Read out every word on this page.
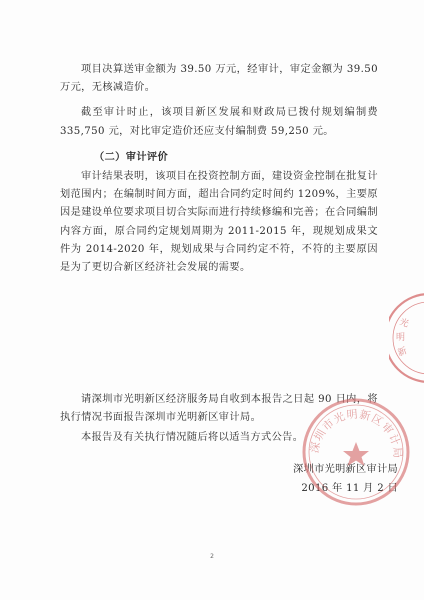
项目决算送审金额为 39.50 万元，经审计，审定金额为 39.50 万元，无核减造价。

截至审计时止，该项目新区发展和财政局已拨付规划编制费 335,750 元，对比审定造价还应支付编制费 59,250 元。

（二）审计评价

审计结果表明，该项目在投资控制方面，建设资金控制在批复计划范围内；在编制时间方面，超出合同约定时间约 1209%，主要原因是建设单位要求项目切合实际而进行持续修编和完善；在合同编制内容方面，原合同约定规划周期为 2011-2015 年，现规划成果文件为 2014-2020 年，规划成果与合同约定不符，不符的主要原因是为了更切合新区经济社会发展的需要。

请深圳市光明新区经济服务局自收到本报告之日起 90 日内，将执行情况书面报告深圳市光明新区审计局。

本报告及有关执行情况随后将以适当方式公告。

深圳市光明新区审计局
2016 年 11 月 2 日
光
明
新
深圳市光明新区审计局
2
